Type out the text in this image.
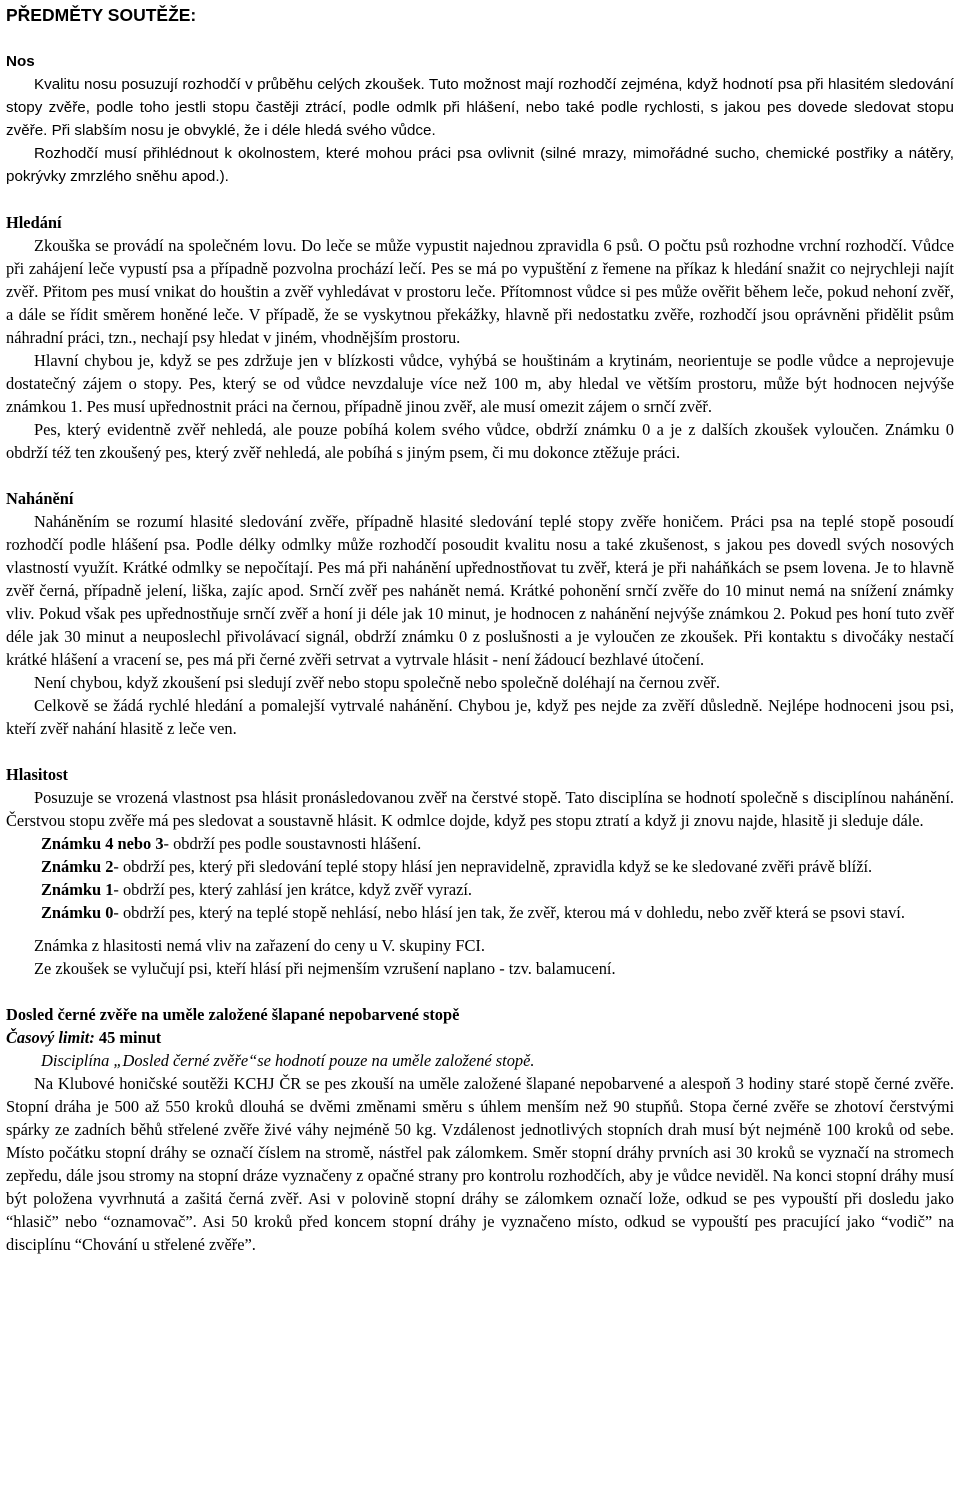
PŘEDMĚTY SOUTĚŽE:
Nos

Kvalitu nosu posuzují rozhodčí v průběhu celých zkoušek. Tuto možnost mají rozhodčí zejména, když hodnotí psa při hlasitém sledování stopy zvěře, podle toho jestli stopu častěji ztrácí, podle odmlk při hlášení, nebo také podle rychlosti, s jakou pes dovede sledovat stopu zvěře. Při slabším nosu je obvyklé, že i déle hledá svého vůdce.

Rozhodčí musí přihlédnout k okolnostem, které mohou práci psa ovlivnit (silné mrazy, mimořádné sucho, chemické postřiky a nátěry, pokrývky zmrzlého sněhu apod.).

Hledání

Zkouška se provádí na společném lovu. Do leče se může vypustit najednou zpravidla 6 psů. O počtu psů rozhodne vrchní rozhodčí. Vůdce při zahájení leče vypustí psa a případně pozvolna prochází lečí. Pes se má po vypuštění z řemene na příkaz k hledání snažit co nejrychleji najít zvěř. Přitom pes musí vnikat do houštin a zvěř vyhledávat v prostoru leče. Přítomnost vůdce si pes může ověřit během leče, pokud nehoní zvěř, a dále se řídit směrem honěné leče. V případě, že se vyskytnou překážky, hlavně při nedostatku zvěře, rozhodčí jsou oprávněni přidělit psům náhradní práci, tzn., nechají psy hledat v jiném, vhodnějším prostoru.

Hlavní chybou je, když se pes zdržuje jen v blízkosti vůdce, vyhýbá se houštinám a krytinám, neorientuje se podle vůdce a neprojevuje dostatečný zájem o stopy. Pes, který se od vůdce nevzdaluje více než 100 m, aby hledal ve větším prostoru, může být hodnocen nejvýše známkou 1. Pes musí upřednostnit práci na černou, případně jinou zvěř, ale musí omezit zájem o srnčí zvěř.

Pes, který evidentně zvěř nehledá, ale pouze pobíhá kolem svého vůdce, obdrží známku 0 a je z dalších zkoušek vyloučen. Známku 0 obdrží též ten zkoušený pes, který zvěř nehledá, ale pobíhá s jiným psem, či mu dokonce ztěžuje práci.

Nahánění

Naháněním se rozumí hlasité sledování zvěře, případně hlasité sledování teplé stopy zvěře honičem. Práci psa na teplé stopě posoudí rozhodčí podle hlášení psa. Podle délky odmlky může rozhodčí posoudit kvalitu nosu a také zkušenost, s jakou pes dovedl svých nosových vlastností využít. Krátké odmlky se nepočítají. Pes má při nahánění upřednostňovat tu zvěř, která je při naháňkách se psem lovena. Je to hlavně zvěř černá, případně jelení, liška, zajíc apod. Srnčí zvěř pes nahánět nemá. Krátké pohonění srnčí zvěře do 10 minut nemá na snížení známky vliv. Pokud však pes upřednostňuje srnčí zvěř a honí ji déle jak 10 minut, je hodnocen z nahánění nejvýše známkou 2. Pokud pes honí tuto zvěř déle jak 30 minut a neuposlechl přivolávací signál, obdrží známku 0 z poslušnosti a je vyloučen ze zkoušek. Při kontaktu s divočáky nestačí krátké hlášení a vracení se, pes má při černé zvěři setrvat a vytrvale hlásit - není žádoucí bezhlavé útočení.

Není chybou, když zkoušení psi sledují zvěř nebo stopu společně nebo společně doléhají na černou zvěř.

Celkově se žádá rychlé hledání a pomalejší vytrvalé nahánění. Chybou je, když pes nejde za zvěří důsledně. Nejlépe hodnoceni jsou psi, kteří zvěř nahání hlasitě z leče ven.

Hlasitost

Posuzuje se vrozená vlastnost psa hlásit pronásledovanou zvěř na čerstvé stopě. Tato disciplína se hodnotí společně s disciplínou nahánění. Čerstvou stopu zvěře má pes sledovat a soustavně hlásit. K odmlce dojde, když pes stopu ztratí a když ji znovu najde, hlasitě ji sleduje dále.

Známku 4 nebo 3 - obdrží pes podle soustavnosti hlášení.
Známku 2 - obdrží pes, který při sledování teplé stopy hlásí jen nepravidelně, zpravidla když se ke sledované zvěři právě blíží.
Známku 1 - obdrží pes, který zahlásí jen krátce, když zvěř vyrazí.
Známku 0 - obdrží pes, který na teplé stopě nehlásí, nebo hlásí jen tak, že zvěř, kterou má v dohledu, nebo zvěř která se psovi staví.

Známka z hlasitosti nemá vliv na zařazení do ceny u V. skupiny FCI.

Ze zkoušek se vylučují psi, kteří hlásí při nejmenším vzrušení naplano - tzv. balamucení.

Dosled černé zvěře na uměle založené šlapané nepobarvené stopě
Časový limit: 45 minut

Disciplína „Dosled černé zvěře“se hodnotí pouze na uměle založené stopě.

Na Klubové honičské soutěži KCHJ ČR se pes zkouší na uměle založené šlapané nepobarvené a alespoň 3 hodiny staré stopě černé zvěře. Stopní dráha je 500 až 550 kroků dlouhá se dvěmi změnami směru s úhlem menším než 90 stupňů. Stopa černé zvěře se zhotoví čerstvými spárky ze zadních běhů střelené zvěře živé váhy nejméně 50 kg. Vzdálenost jednotlivých stopních drah musí být nejméně 100 kroků od sebe. Místo počátku stopní dráhy se označí číslem na stromě, nástřel pak zálomkem. Směr stopní dráhy prvních asi 30 kroků se vyznačí na stromech zepředu, dále jsou stromy na stopní dráze vyznačeny z opačné strany pro kontrolu rozhodčích, aby je vůdce neviděl. Na konci stopní dráhy musí být položena vyvrhnutá a zašitá černá zvěř. Asi v polovině stopní dráhy se zálomkem označí lože, odkud se pes vypouští při dosledu jako “hlasič” nebo “oznamovač”. Asi 50 kroků před koncem stopní dráhy je vyznačeno místo, odkud se vypouští pes pracující jako “vodič” na disciplínu “Chování u střelené zvěře”.
